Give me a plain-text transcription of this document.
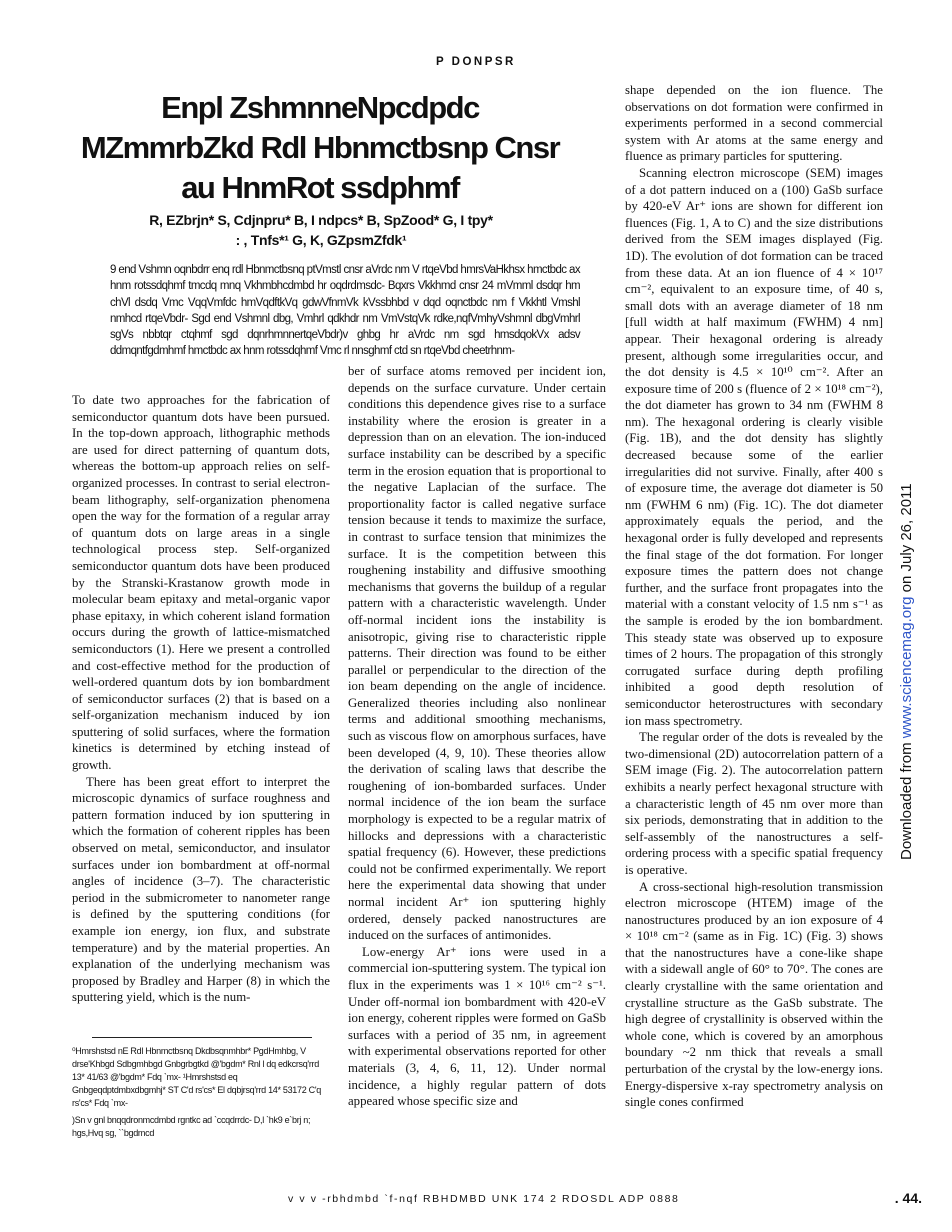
P DONPSR
Enpl ZshmnneNpcdpdc MZmmrbZkd Rdl Hbnmctbsnp Cnsr au HnmRot ssdphmf
R, EZbrjn* S, Cdjnpru* B, I ndpcs* B, SpZood* G, I tpy*
: , Tnfs*¹ G, K, GZpsmZfdk¹
9 end Vshmn oqnbdrr enq rdl Hbnmctbsnq ptVmstl cnsr aVrdc nm V rtqeVbd hmrsVaHkhsx hmctbdc ax hnm rotssdqhmf tmcdq mnq Vkhmbhcdmbd hr oqdrdmsdc- Bqxrs Vkkhmd cnsr 24 mVmml dsdqr hm chVl dsdq Vmc VqqVmfdc hmVqdftkVq gdwVfnmVk kVssbhbd v dqd oqnctbdc nm f Vkkhtl Vmshl nmhcd rtqeVbdr- Sgd end Vshmnl dbg, Vmhrl qdkhdr nm VmVstqVk rdke,nqfVmhyVshmnl dbgVmhrl sgVs nbbtqr ctqhmf sgd dqnrhmnnertqeVbdr)v ghbg hr aVrdc nm sgd hmsdqokVx adsv ddmqntfgdmhmf hmctbdc ax hnm rotssdqhmf Vmc rl nnsghmf ctd sn rtqeVbd cheetrhnm-

To date two approaches for the fabrication of semiconductor quantum dots have been pursued. In the top-down approach, lithographic methods are used for direct patterning of quantum dots, whereas the bottom-up approach relies on self-organized processes. In contrast to serial electron-beam lithography, self-organization phenomena open the way for the formation of a regular array of quantum dots on large areas in a single technological process step. Self-organized semiconductor quantum dots have been produced by the Stranski-Krastanow growth mode in molecular beam epitaxy and metal-organic vapor phase epitaxy, in which coherent island formation occurs during the growth of lattice-mismatched semiconductors (1). Here we present a controlled and cost-effective method for the production of well-ordered quantum dots by ion bombardment of semiconductor surfaces (2) that is based on a self-organization mechanism induced by ion sputtering of solid surfaces, where the formation kinetics is determined by etching instead of growth.

There has been great effort to interpret the microscopic dynamics of surface roughness and pattern formation induced by ion sputtering in which the formation of coherent ripples has been observed on metal, semiconductor, and insulator surfaces under ion bombardment at off-normal angles of incidence (3–7). The characteristic period in the submicrometer to nanometer range is defined by the sputtering conditions (for example ion energy, ion flux, and substrate temperature) and by the material properties. An explanation of the underlying mechanism was proposed by Bradley and Harper (8) in which the sputtering yield, which is the num-

⁰Hmrshstsd nE Rdl Hbnmctbsnq Dkdbsqnmhbr* PgdHmhbg, V drse'Khbgd Sdbgmhbgd Gnbgrbgtkd @'bgdm* Rnl l dq edkcrsq'rrd 13* 41/63 @'bgdm* Fdq `mx- ¹Hmrshstsd eq Gnbgeqdptdmbxdbgmhj* ST C'd rs'cs* El dqbjrsq'rrd 14* 53172 C'q rs'cs* Fdq `mx-

)Sn v gnl bnqqdronmcdmbd rgntkc ad `ccqdrrdc- D,l `hk9 e`brj n; hgs,Hvq sg, ``bgdmcd

ber of surface atoms removed per incident ion, depends on the surface curvature. Under certain conditions this dependence gives rise to a surface instability where the erosion is greater in a depression than on an elevation. The ion-induced surface instability can be described by a specific term in the erosion equation that is proportional to the negative Laplacian of the surface. The proportionality factor is called negative surface tension because it tends to maximize the surface, in contrast to surface tension that minimizes the surface. It is the competition between this roughening instability and diffusive smoothing mechanisms that governs the buildup of a regular pattern with a characteristic wavelength. Under off-normal incident ions the instability is anisotropic, giving rise to characteristic ripple patterns. Their direction was found to be either parallel or perpendicular to the direction of the ion beam depending on the angle of incidence. Generalized theories including also nonlinear terms and additional smoothing mechanisms, such as viscous flow on amorphous surfaces, have been developed (4, 9, 10). These theories allow the derivation of scaling laws that describe the roughening of ion-bombarded surfaces. Under normal incidence of the ion beam the surface morphology is expected to be a regular matrix of hillocks and depressions with a characteristic spatial frequency (6). However, these predictions could not be confirmed experimentally. We report here the experimental data showing that under normal incident Ar⁺ ion sputtering highly ordered, densely packed nanostructures are induced on the surfaces of antimonides.

Low-energy Ar⁺ ions were used in a commercial ion-sputtering system. The typical ion flux in the experiments was 1 × 10¹⁶ cm⁻² s⁻¹. Under off-normal ion bombardment with 420-eV ion energy, coherent ripples were formed on GaSb surfaces with a period of 35 nm, in agreement with experimental observations reported for other materials (3, 4, 6, 11, 12). Under normal incidence, a highly regular pattern of dots appeared whose specific size and

shape depended on the ion fluence. The observations on dot formation were confirmed in experiments performed in a second commercial system with Ar atoms at the same energy and fluence as primary particles for sputtering.

Scanning electron microscope (SEM) images of a dot pattern induced on a (100) GaSb surface by 420-eV Ar⁺ ions are shown for different ion fluences (Fig. 1, A to C) and the size distributions derived from the SEM images displayed (Fig. 1D). The evolution of dot formation can be traced from these data. At an ion fluence of 4 × 10¹⁷ cm⁻², equivalent to an exposure time, of 40 s, small dots with an average diameter of 18 nm [full width at half maximum (FWHM) 4 nm] appear. Their hexagonal ordering is already present, although some irregularities occur, and the dot density is 4.5 × 10¹⁰ cm⁻². After an exposure time of 200 s (fluence of 2 × 10¹⁸ cm⁻²), the dot diameter has grown to 34 nm (FWHM 8 nm). The hexagonal ordering is clearly visible (Fig. 1B), and the dot density has slightly decreased because some of the earlier irregularities did not survive. Finally, after 400 s of exposure time, the average dot diameter is 50 nm (FWHM 6 nm) (Fig. 1C). The dot diameter approximately equals the period, and the hexagonal order is fully developed and represents the final stage of the dot formation. For longer exposure times the pattern does not change further, and the surface front propagates into the material with a constant velocity of 1.5 nm s⁻¹ as the sample is eroded by the ion bombardment. This steady state was observed up to exposure times of 2 hours. The propagation of this strongly corrugated surface during depth profiling inhibited a good depth resolution of semiconductor heterostructures with secondary ion mass spectrometry.

The regular order of the dots is revealed by the two-dimensional (2D) autocorrelation pattern of a SEM image (Fig. 2). The autocorrelation pattern exhibits a nearly perfect hexagonal structure with a characteristic length of 45 nm over more than six periods, demonstrating that in addition to the self-assembly of the nanostructures a self-ordering process with a specific spatial frequency is operative.

A cross-sectional high-resolution transmission electron microscope (HTEM) image of the nanostructures produced by an ion exposure of 4 × 10¹⁸ cm⁻² (same as in Fig. 1C) (Fig. 3) shows that the nanostructures have a cone-like shape with a sidewall angle of 60° to 70°. The cones are clearly crystalline with the same orientation and crystalline structure as the GaSb substrate. The high degree of crystallinity is observed within the whole cone, which is covered by an amorphous boundary ~2 nm thick that reveals a small perturbation of the crystal by the low-energy ions. Energy-dispersive x-ray spectrometry analysis on single cones confirmed

v v v -rbhdmbd `f-nqf RBHDMBD UNK 174 2 RDOSDL ADP 0888	. 44.
Downloaded from www.sciencemag.org on July 26, 2011
